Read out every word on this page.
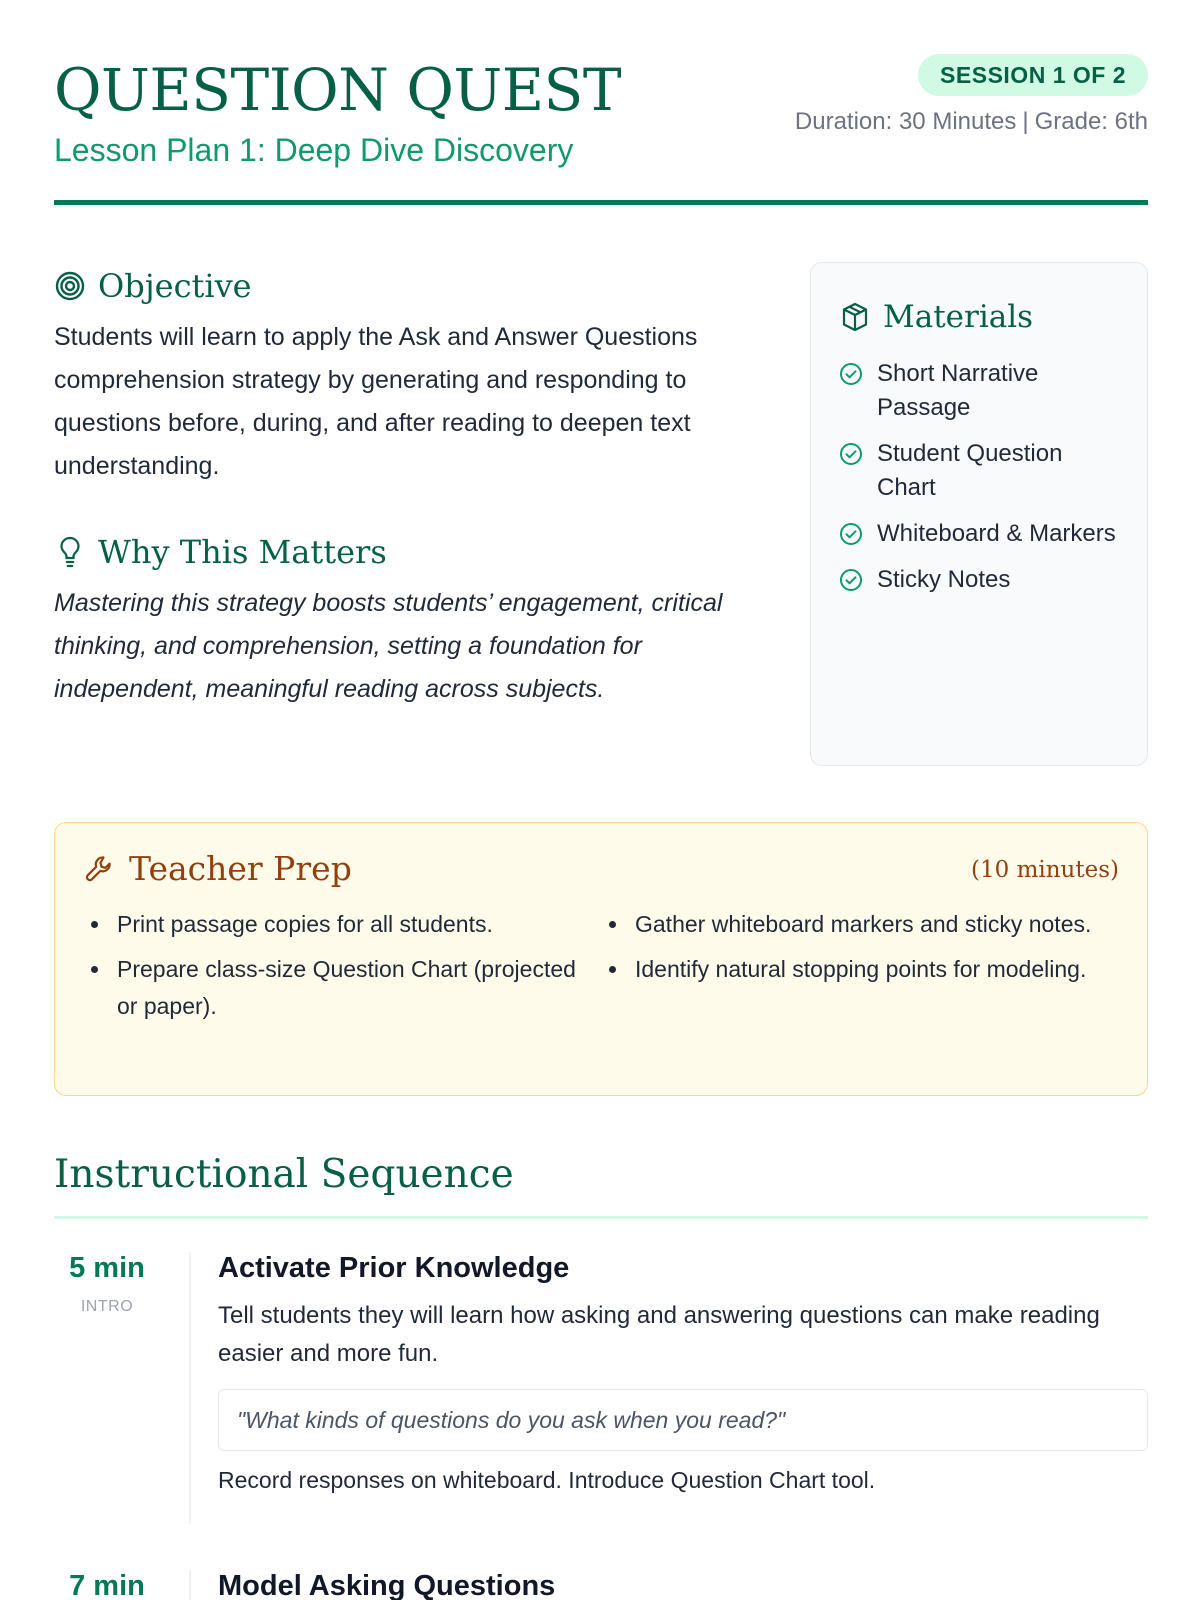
QUESTION QUEST
Lesson Plan 1: Deep Dive Discovery
SESSION 1 OF 2
Duration: 30 Minutes | Grade: 6th
Objective

Students will learn to apply the Ask and Answer Questions comprehension strategy by generating and responding to questions before, during, and after reading to deepen text understanding.

Why This Matters

Mastering this strategy boosts students’ engagement, critical thinking, and comprehension, setting a foundation for independent, meaningful reading across subjects.

Materials
Short Narrative Passage
Student Question Chart
Whiteboard & Markers
Sticky Notes
Teacher Prep	(10 minutes)
Print passage copies for all students.
Prepare class-size Question Chart (projected or paper).
Gather whiteboard markers and sticky notes.
Identify natural stopping points for modeling.
Instructional Sequence
5 min
INTRO
Activate Prior Knowledge

Tell students they will learn how asking and answering questions can make reading easier and more fun.

"What kinds of questions do you ask when you read?"
Record responses on whiteboard. Introduce Question Chart tool.
7 min	Model Asking Questions
